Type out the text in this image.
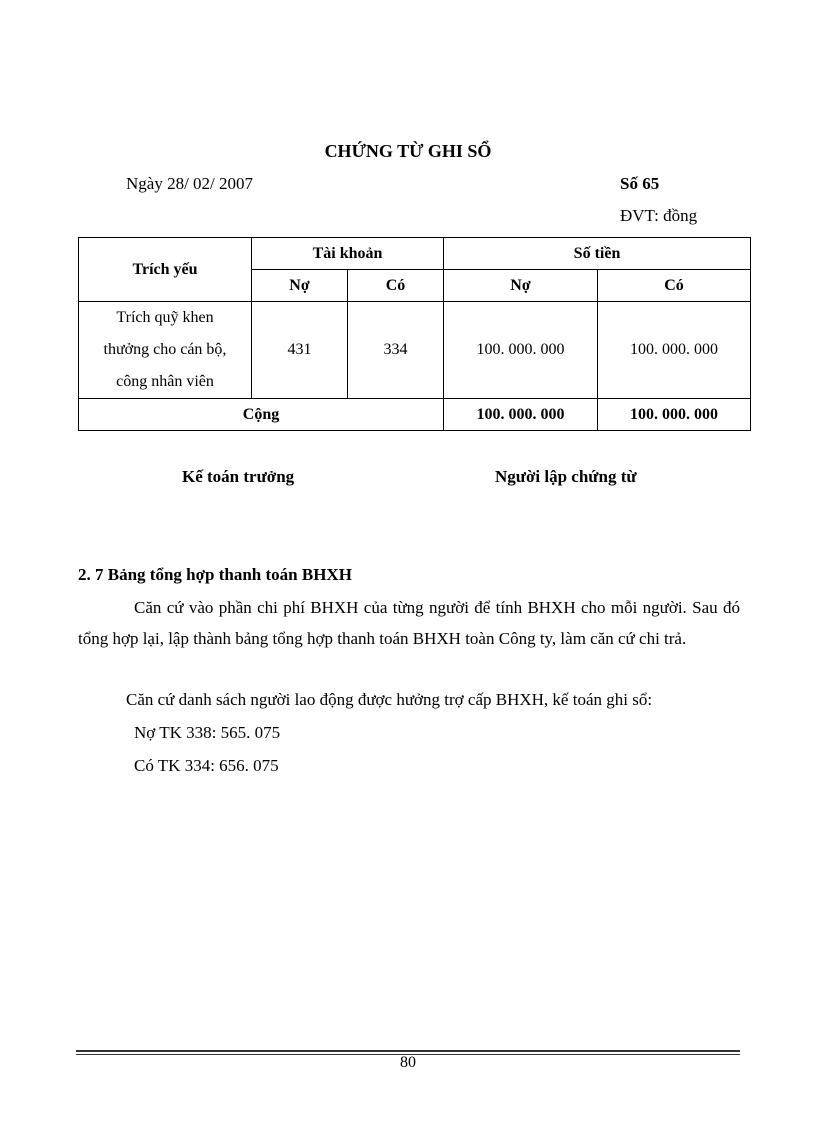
CHỨNG TỪ GHI SỔ
Ngày 28/ 02/ 2007	Số 65
ĐVT: đồng
Trích yếu	Tài khoản		Số tiền	
	Nợ	Có	Nợ	Có

Trích quỹ khen
thưởng cho cán bộ,
công nhân viên	431	334	100. 000. 000	100. 000. 000
Cộng			100. 000. 000	100. 000. 000
Kế toán trưởng	Người lập chứng từ
2. 7 Bảng tổng hợp thanh toán BHXH
Căn cứ vào phần chi phí BHXH của từng người để tính BHXH cho mỗi người. Sau đó tổng hợp lại, lập thành bảng tổng hợp thanh toán BHXH toàn Công ty, làm căn cứ chi trả.
Căn cứ danh sách người lao động được hưởng trợ cấp BHXH, kế toán ghi sổ:
Nợ TK 338: 565. 075
Có TK 334: 656. 075
80
